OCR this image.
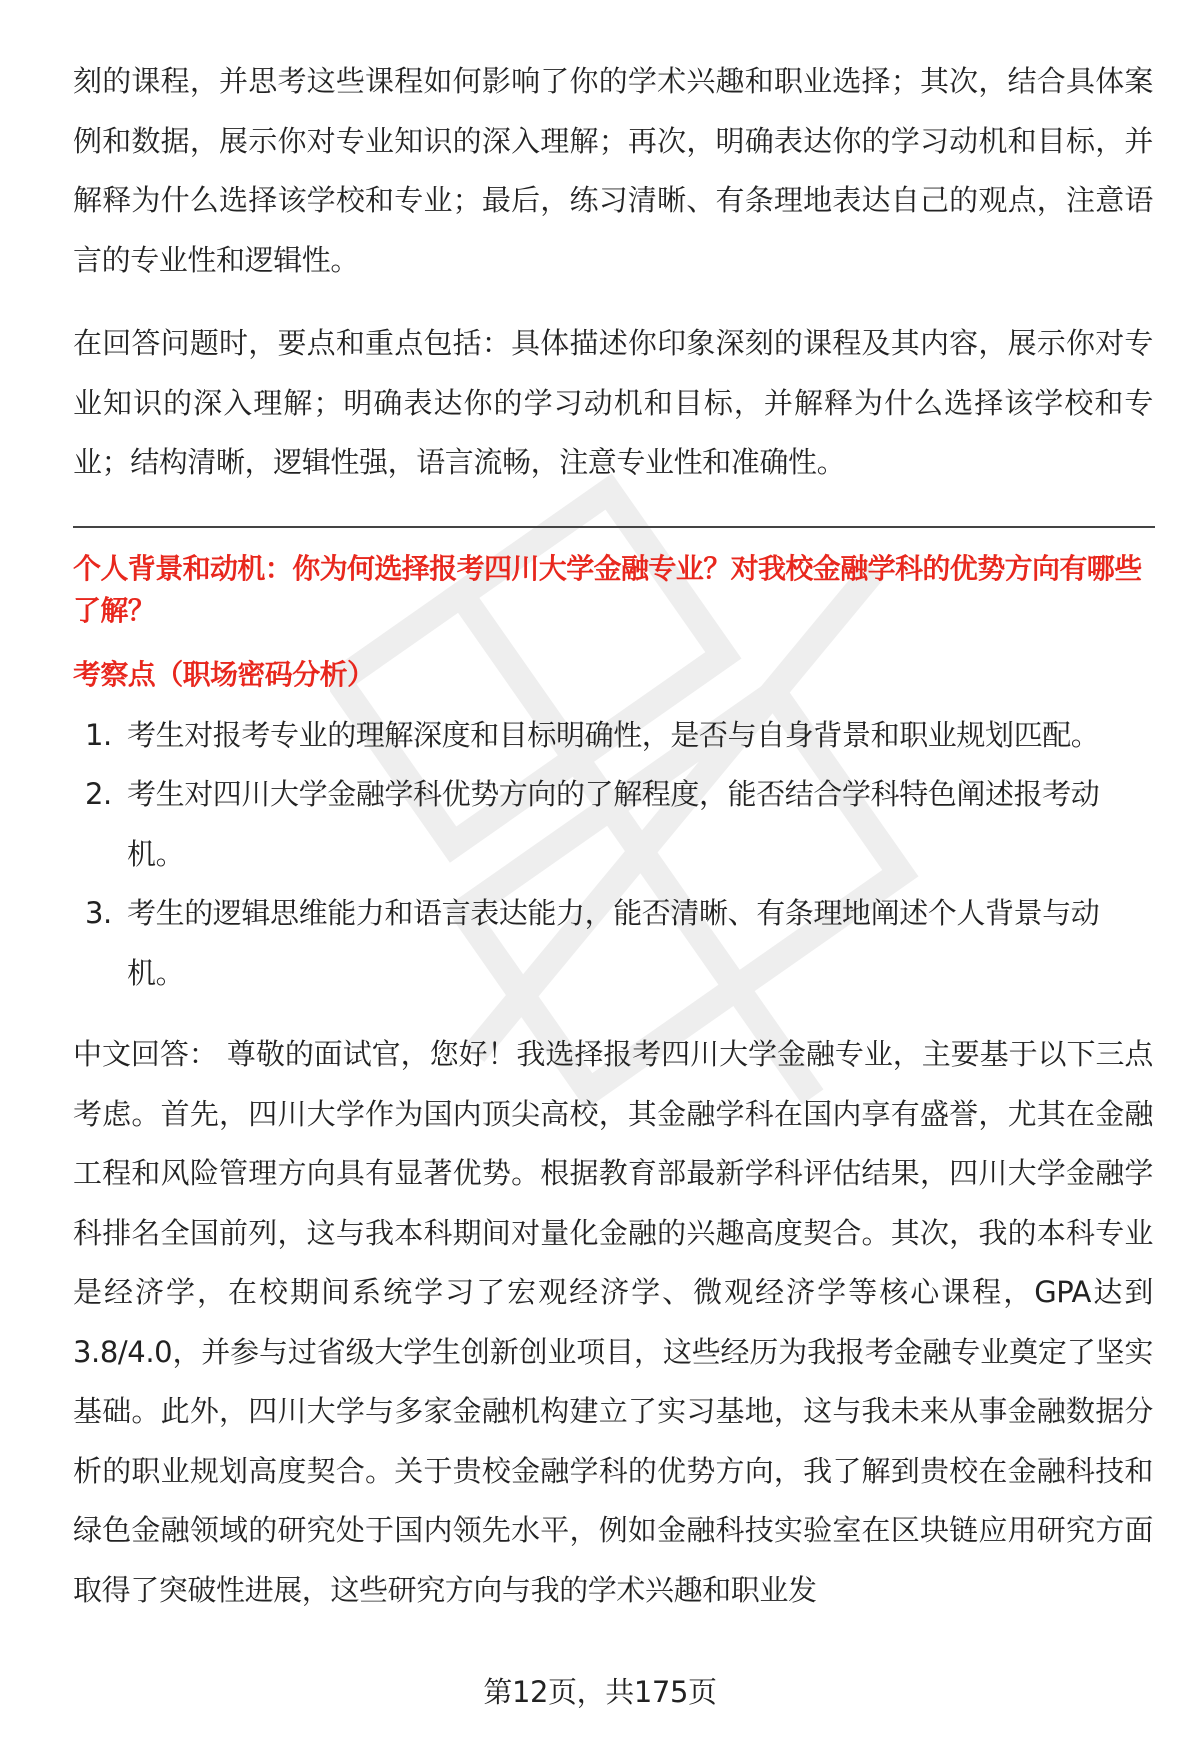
刻的课程，并思考这些课程如何影响了你的学术兴趣和职业选择；其次，结合具体案例和数据，展示你对专业知识的深入理解；再次，明确表达你的学习动机和目标，并解释为什么选择该学校和专业；最后，练习清晰、有条理地表达自己的观点，注意语言的专业性和逻辑性。

在回答问题时，要点和重点包括：具体描述你印象深刻的课程及其内容，展示你对专业知识的深入理解；明确表达你的学习动机和目标，并解释为什么选择该学校和专业；结构清晰，逻辑性强，语言流畅，注意专业性和准确性。

个人背景和动机：你为何选择报考四川大学金融专业？对我校金融学科的优势方向有哪些了解？

考察点（职场密码分析）

1. 考生对报考专业的理解深度和目标明确性，是否与自身背景和职业规划匹配。
2. 考生对四川大学金融学科优势方向的了解程度，能否结合学科特色阐述报考动机。
3. 考生的逻辑思维能力和语言表达能力，能否清晰、有条理地阐述个人背景与动机。

中文回答： 尊敬的面试官，您好！我选择报考四川大学金融专业，主要基于以下三点考虑。首先，四川大学作为国内顶尖高校，其金融学科在国内享有盛誉，尤其在金融工程和风险管理方向具有显著优势。根据教育部最新学科评估结果，四川大学金融学科排名全国前列，这与我本科期间对量化金融的兴趣高度契合。其次，我的本科专业是经济学，在校期间系统学习了宏观经济学、微观经济学等核心课程，GPA达到3.8/4.0，并参与过省级大学生创新创业项目，这些经历为我报考金融专业奠定了坚实基础。此外，四川大学与多家金融机构建立了实习基地，这与我未来从事金融数据分析的职业规划高度契合。关于贵校金融学科的优势方向，我了解到贵校在金融科技和绿色金融领域的研究处于国内领先水平，例如金融科技实验室在区块链应用研究方面取得了突破性进展，这些研究方向与我的学术兴趣和职业发

第12页，共175页
